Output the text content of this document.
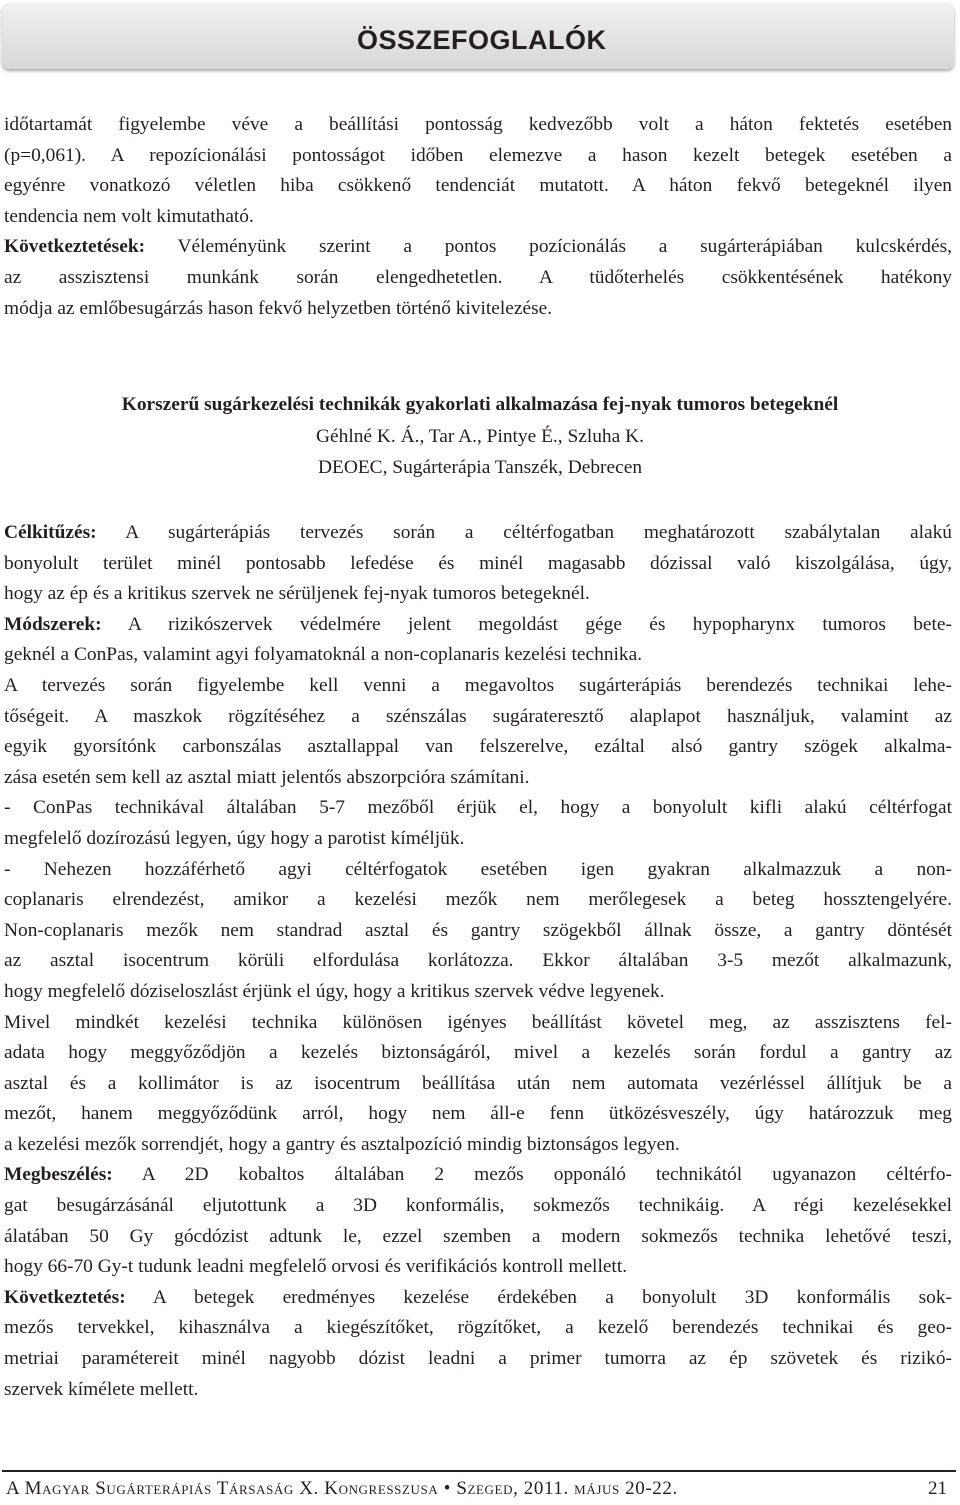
ÖSSZEFOGLALÓK

időtartamát figyelembe véve a beállítási pontosság kedvezőbb volt a háton fektetés esetében
(p=0,061). A repozícionálási pontosságot időben elemezve a hason kezelt betegek esetében a
egyénre vonatkozó véletlen hiba csökkenő tendenciát mutatott. A háton fekvő betegeknél ilyen
tendencia nem volt kimutatható.
Következtetések: Véleményünk szerint a pontos pozícionálás a sugárterápiában kulcskérdés,
az asszisztensi munkánk során elengedhetetlen. A tüdőterhelés csökkentésének hatékony
módja az emlőbesugárzás hason fekvő helyzetben történő kivitelezése.

Korszerű sugárkezelési technikák gyakorlati alkalmazása fej-nyak tumoros betegeknél
Géhlné K. Á., Tar A., Pintye É., Szluha K.
DEOEC, Sugárterápia Tanszék, Debrecen

Célkitűzés: A sugárterápiás tervezés során a céltérfogatban meghatározott szabálytalan alakú
bonyolult terület minél pontosabb lefedése és minél magasabb dózissal való kiszolgálása, úgy,
hogy az ép és a kritikus szervek ne sérüljenek fej-nyak tumoros betegeknél.
Módszerek: A rizikószervek védelmére jelent megoldást gége és hypopharynx tumoros bete-
geknél a ConPas, valamint agyi folyamatoknál a non-coplanaris kezelési technika.
A tervezés során figyelembe kell venni a megavoltos sugárterápiás berendezés technikai lehe-
tőségeit. A maszkok rögzítéséhez a szénszálas sugárateresztő alaplapot használjuk, valamint az
egyik gyorsítónk carbonszálas asztallappal van felszerelve, ezáltal alsó gantry szögek alkalma-
zása esetén sem kell az asztal miatt jelentős abszorpcióra számítani.
- ConPas technikával általában 5-7 mezőből érjük el, hogy a bonyolult kifli alakú céltérfogat
megfelelő dozírozású legyen, úgy hogy a parotist kíméljük.
- Nehezen hozzáférhető agyi céltérfogatok esetében igen gyakran alkalmazzuk a non-
coplanaris elrendezést, amikor a kezelési mezők nem merőlegesek a beteg hossztengelyére.
Non-coplanaris mezők nem standrad asztal és gantry szögekből állnak össze, a gantry döntését
az asztal isocentrum körüli elfordulása korlátozza. Ekkor általában 3-5 mezőt alkalmazunk,
hogy megfelelő dóziseloszlást érjünk el úgy, hogy a kritikus szervek védve legyenek.
Mivel mindkét kezelési technika különösen igényes beállítást követel meg, az asszisztens fel-
adata hogy meggyőződjön a kezelés biztonságáról, mivel a kezelés során fordul a gantry az
asztal és a kollimátor is az isocentrum beállítása után nem automata vezérléssel állítjuk be a
mezőt, hanem meggyőződünk arról, hogy nem áll-e fenn ütközésveszély, úgy határozzuk meg
a kezelési mezők sorrendjét, hogy a gantry és asztalpozíció mindig biztonságos legyen.
Megbeszélés: A 2D kobaltos általában 2 mezős opponáló technikától ugyanazon céltérfo-
gat besugárzásánál eljutottunk a 3D konformális, sokmezős technikáig. A régi kezelésekkel
álatában 50 Gy gócdózist adtunk le, ezzel szemben a modern sokmezős technika lehetővé teszi,
hogy 66-70 Gy-t tudunk leadni megfelelő orvosi és verifikációs kontroll mellett.
Következtetés: A betegek eredményes kezelése érdekében a bonyolult 3D konformális sok-
mezős tervekkel, kihasználva a kiegészítőket, rögzítőket, a kezelő berendezés technikai és geo-
metriai paramétereit minél nagyobb dózist leadni a primer tumorra az ép szövetek és rizikó-
szervek kímélete mellett.

A Magyar Sugárterápiás Társaság X. Kongresszusa • Szeged, 2011. május 20-22.	21
